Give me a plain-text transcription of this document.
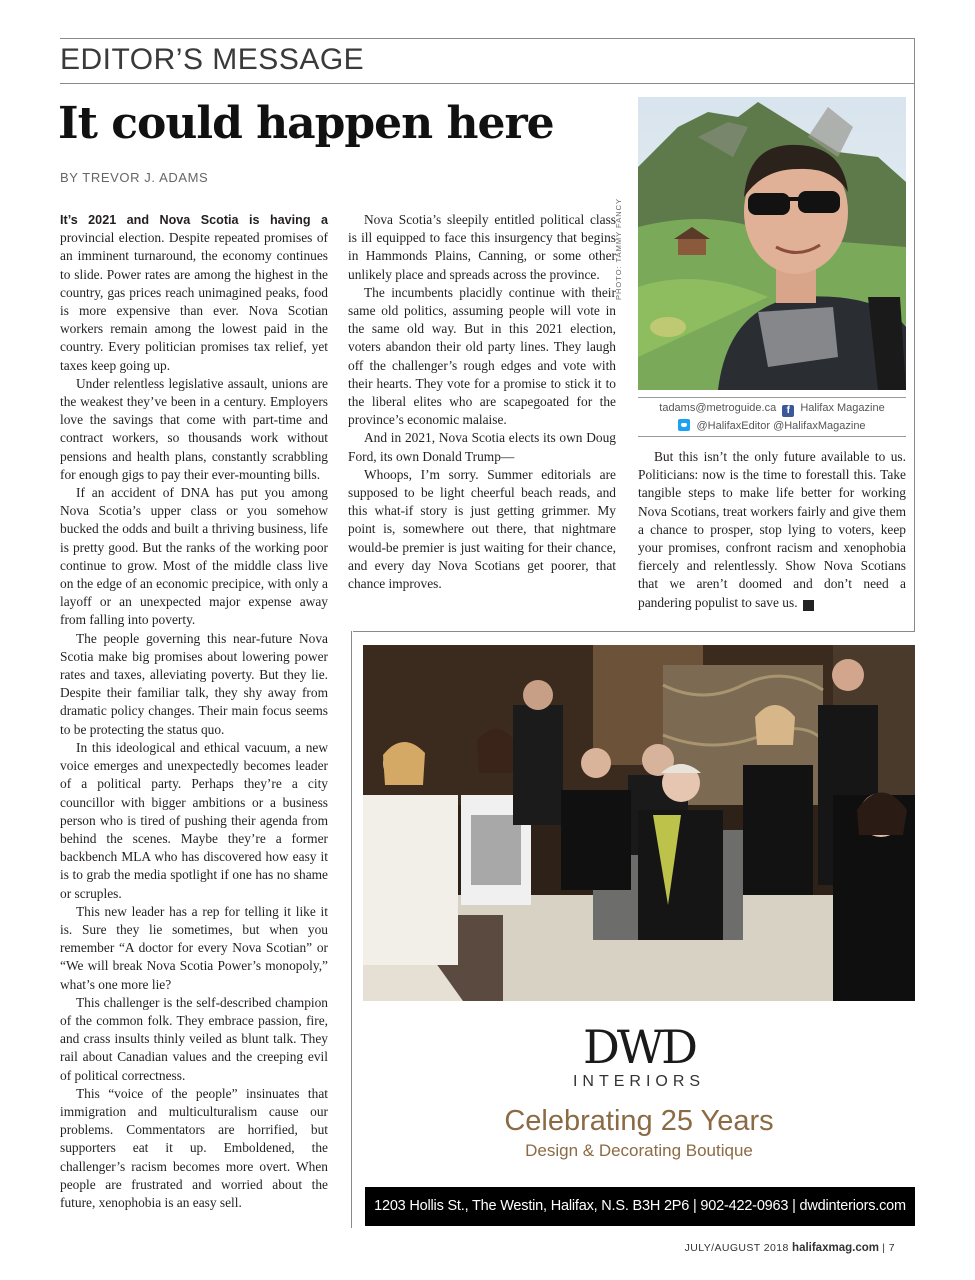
EDITOR’S MESSAGE
It could happen here
BY TREVOR J. ADAMS

It’s 2021 and Nova Scotia is having a provincial election. Despite repeated promises of an imminent turnaround, the economy continues to slide. Power rates are among the highest in the country, gas prices reach unimagined peaks, food is more expensive than ever. Nova Scotian workers remain among the lowest paid in the country. Every politician promises tax relief, yet taxes keep going up.

Under relentless legislative assault, unions are the weakest they’ve been in a century. Employers love the savings that come with part-time and contract workers, so thousands work without pensions and health plans, constantly scrabbling for enough gigs to pay their ever-mounting bills.

If an accident of DNA has put you among Nova Scotia’s upper class or you somehow bucked the odds and built a thriving business, life is pretty good. But the ranks of the working poor continue to grow. Most of the middle class live on the edge of an economic precipice, with only a layoff or an unexpected major expense away from falling into poverty.

The people governing this near-future Nova Scotia make big promises about lowering power rates and taxes, alleviating poverty. But they lie. Despite their familiar talk, they shy away from dramatic policy changes. Their main focus seems to be protecting the status quo.

In this ideological and ethical vacuum, a new voice emerges and unexpectedly becomes leader of a political party. Perhaps they’re a city councillor with bigger ambitions or a business person who is tired of pushing their agenda from behind the scenes. Maybe they’re a former backbench MLA who has discovered how easy it is to grab the media spotlight if one has no shame or scruples.

This new leader has a rep for telling it like it is. Sure they lie sometimes, but when you remember “A doctor for every Nova Scotian” or “We will break Nova Scotia Power’s monopoly,” what’s one more lie?

This challenger is the self-described champion of the common folk. They embrace passion, fire, and crass insults thinly veiled as blunt talk. They rail about Canadian values and the creeping evil of political correctness.

This “voice of the people” insinuates that immigration and multiculturalism cause our problems. Commentators are horrified, but supporters eat it up. Emboldened, the challenger’s racism becomes more overt. When people are frustrated and worried about the future, xenophobia is an easy sell.

Nova Scotia’s sleepily entitled political class is ill equipped to face this insurgency that begins in Hammonds Plains, Canning, or some other unlikely place and spreads across the province.

The incumbents placidly continue with their same old politics, assuming people will vote in the same old way. But in this 2021 election, voters abandon their old party lines. They laugh off the challenger’s rough edges and vote with their hearts. They vote for a promise to stick it to the liberal elites who are scapegoated for the province’s economic malaise.

And in 2021, Nova Scotia elects its own Doug Ford, its own Donald Trump—

Whoops, I’m sorry. Summer editorials are supposed to be light cheerful beach reads, and this what-if story is just getting grimmer. My point is, somewhere out there, that nightmare would-be premier is just waiting for their chance, and every day Nova Scotians get poorer, that chance improves.

PHOTO: TAMMY FANCY
tadams@metroguide.ca f Halifax Magazine
@HalifaxEditor @HalifaxMagazine

But this isn’t the only future available to us. Politicians: now is the time to forestall this. Take tangible steps to make life better for working Nova Scotians, treat workers fairly and give them a chance to prosper, stop lying to voters, keep your promises, confront racism and xenophobia fiercely and relentlessly. Show Nova Scotians that we aren’t doomed and don’t need a pandering populist to save us. H

DWD
INTERIORS
Celebrating 25 Years
Design & Decorating Boutique
1203 Hollis St., The Westin, Halifax, N.S. B3H 2P6 | 902-422-0963 | dwdinteriors.com
JULY/AUGUST 2018 halifaxmag.com | 7
